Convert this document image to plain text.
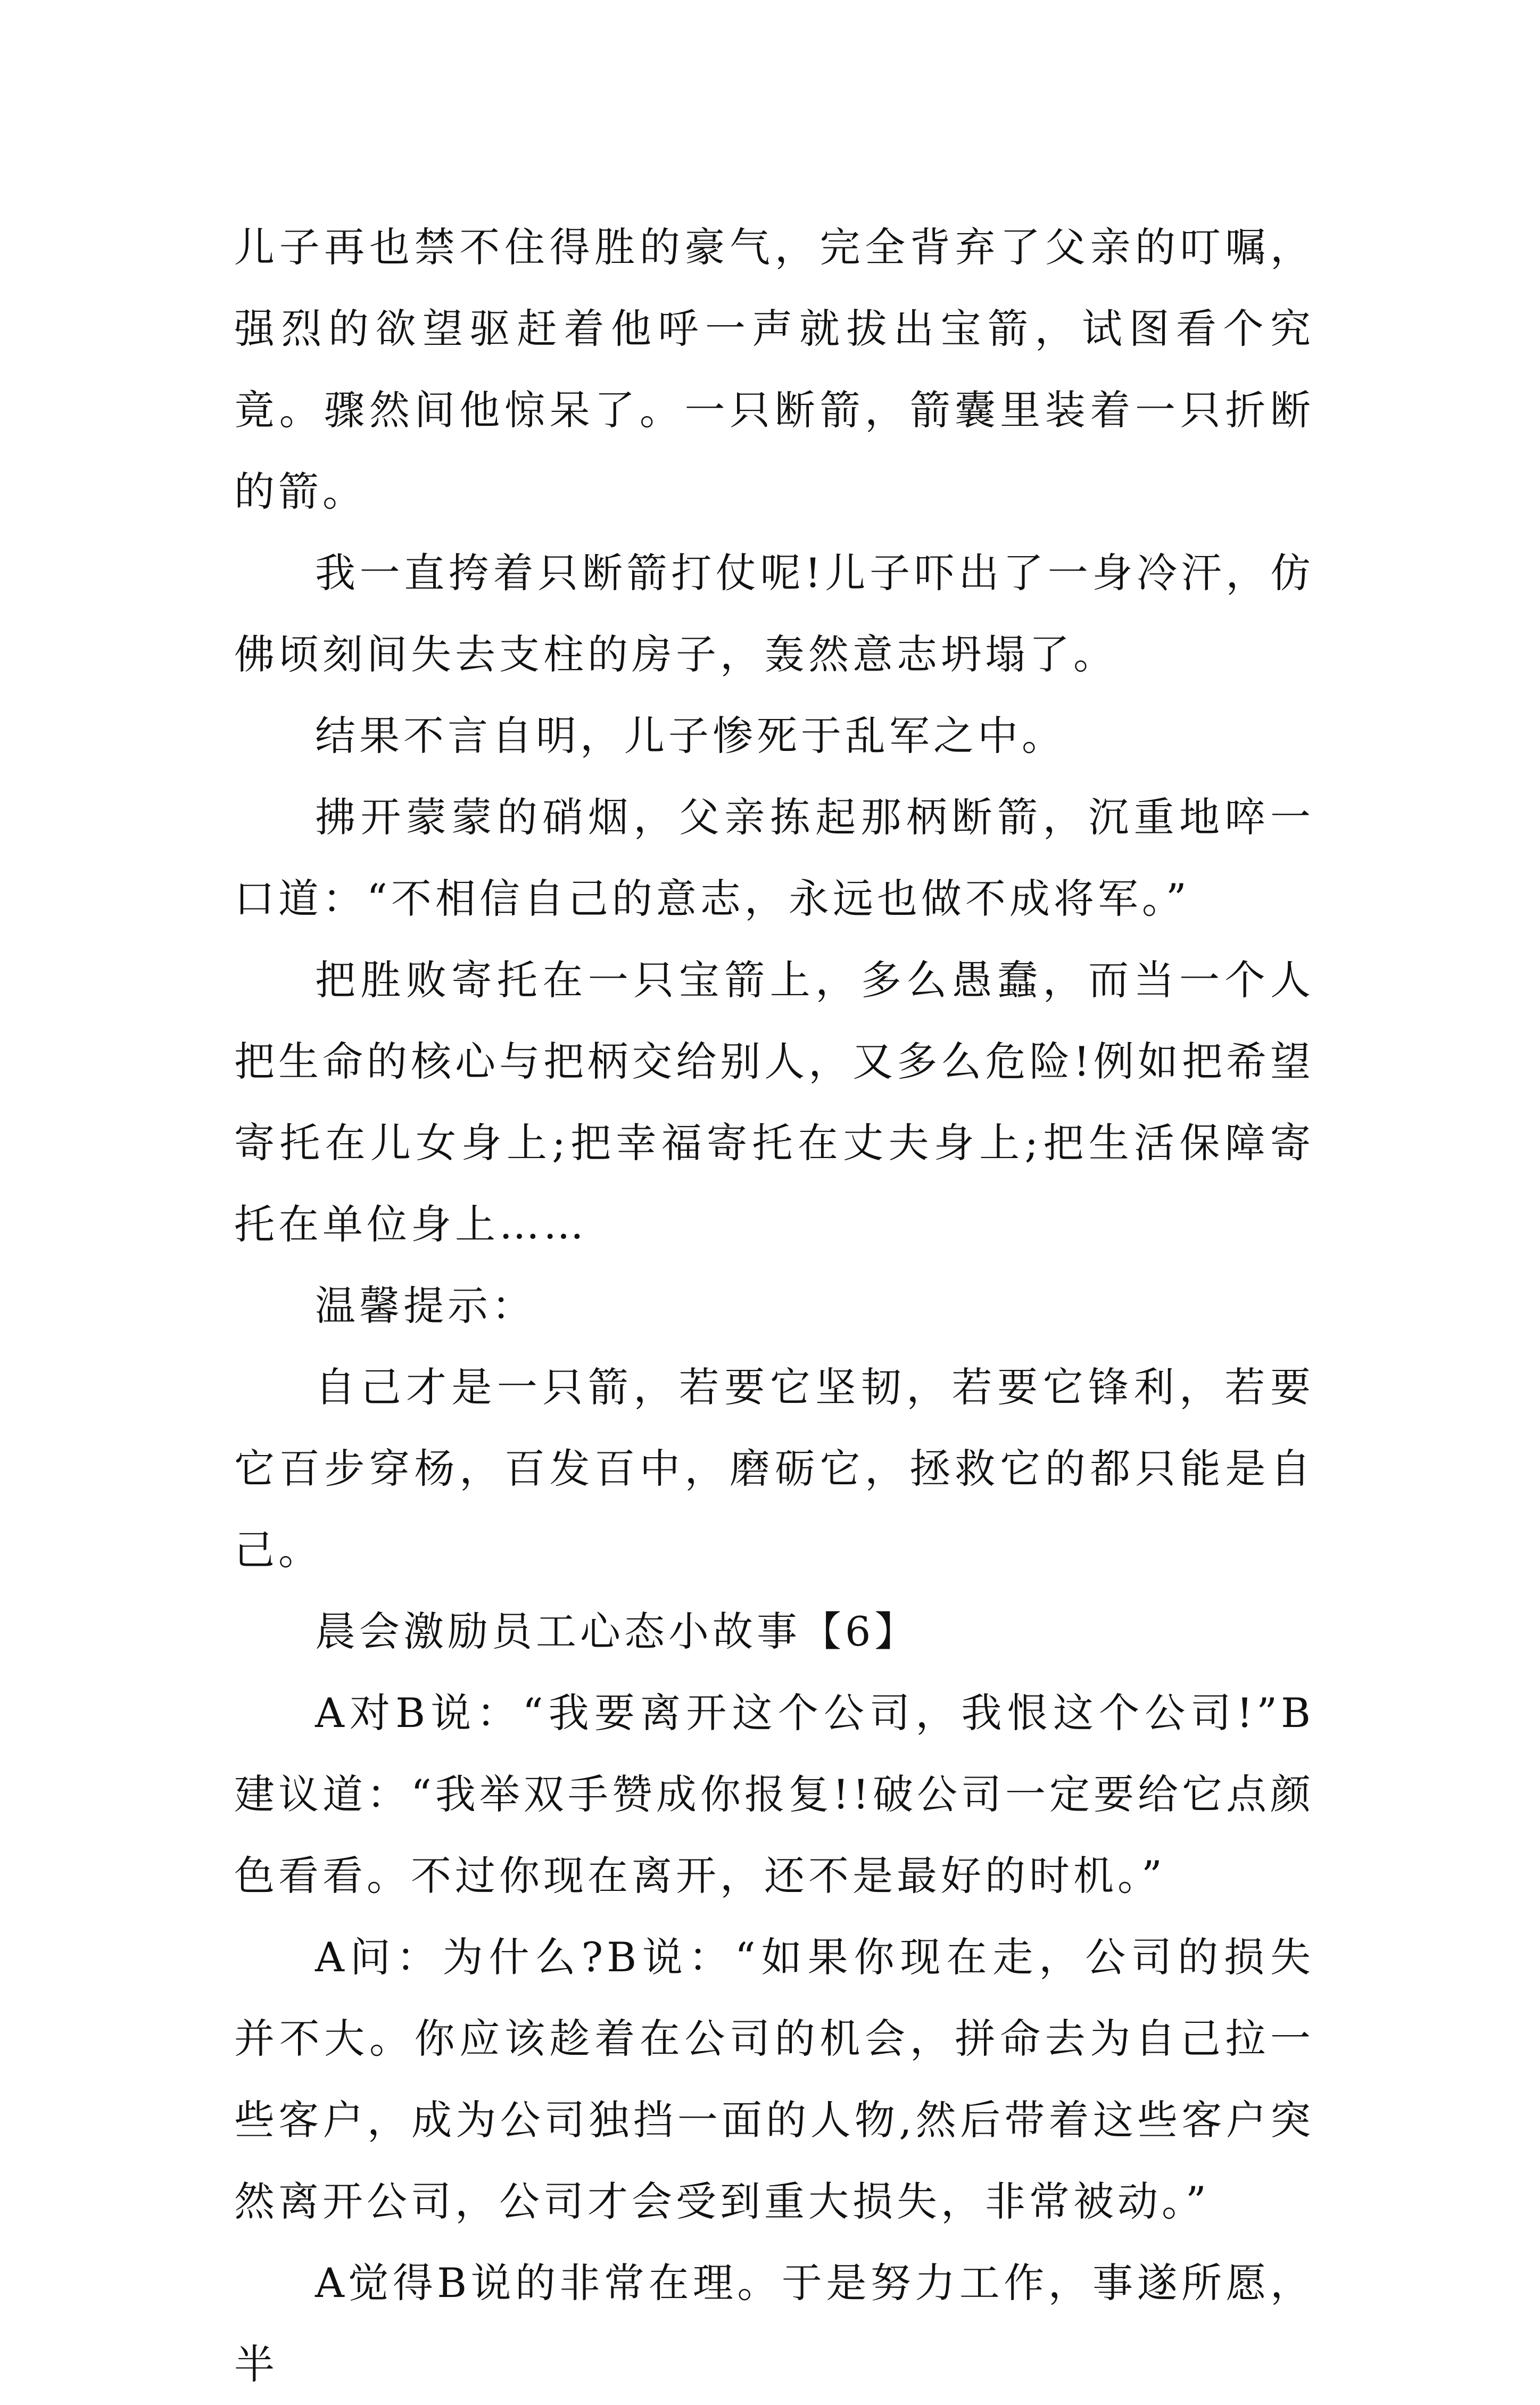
儿子再也禁不住得胜的豪气，完全背弃了父亲的叮嘱，强烈的欲望驱赶着他呼一声就拔出宝箭，试图看个究竟。骤然间他惊呆了。一只断箭，箭囊里装着一只折断的箭。

我一直挎着只断箭打仗呢!儿子吓出了一身冷汗，仿佛顷刻间失去支柱的房子，轰然意志坍塌了。

结果不言自明，儿子惨死于乱军之中。

拂开蒙蒙的硝烟，父亲拣起那柄断箭，沉重地啐一口道：“不相信自己的意志，永远也做不成将军。”

把胜败寄托在一只宝箭上，多么愚蠢，而当一个人把生命的核心与把柄交给别人，又多么危险!例如把希望寄托在儿女身上;把幸福寄托在丈夫身上;把生活保障寄托在单位身上……

温馨提示：

自己才是一只箭，若要它坚韧，若要它锋利，若要它百步穿杨，百发百中，磨砺它，拯救它的都只能是自己。

晨会激励员工心态小故事【6】

A对B说：“我要离开这个公司，我恨这个公司!”B建议道：“我举双手赞成你报复!!破公司一定要给它点颜色看看。不过你现在离开，还不是最好的时机。”

A问：为什么?B说：“如果你现在走，公司的损失并不大。你应该趁着在公司的机会，拼命去为自己拉一些客户，成为公司独挡一面的人物,然后带着这些客户突然离开公司，公司才会受到重大损失，非常被动。”

A觉得B说的非常在理。于是努力工作，事遂所愿，半
